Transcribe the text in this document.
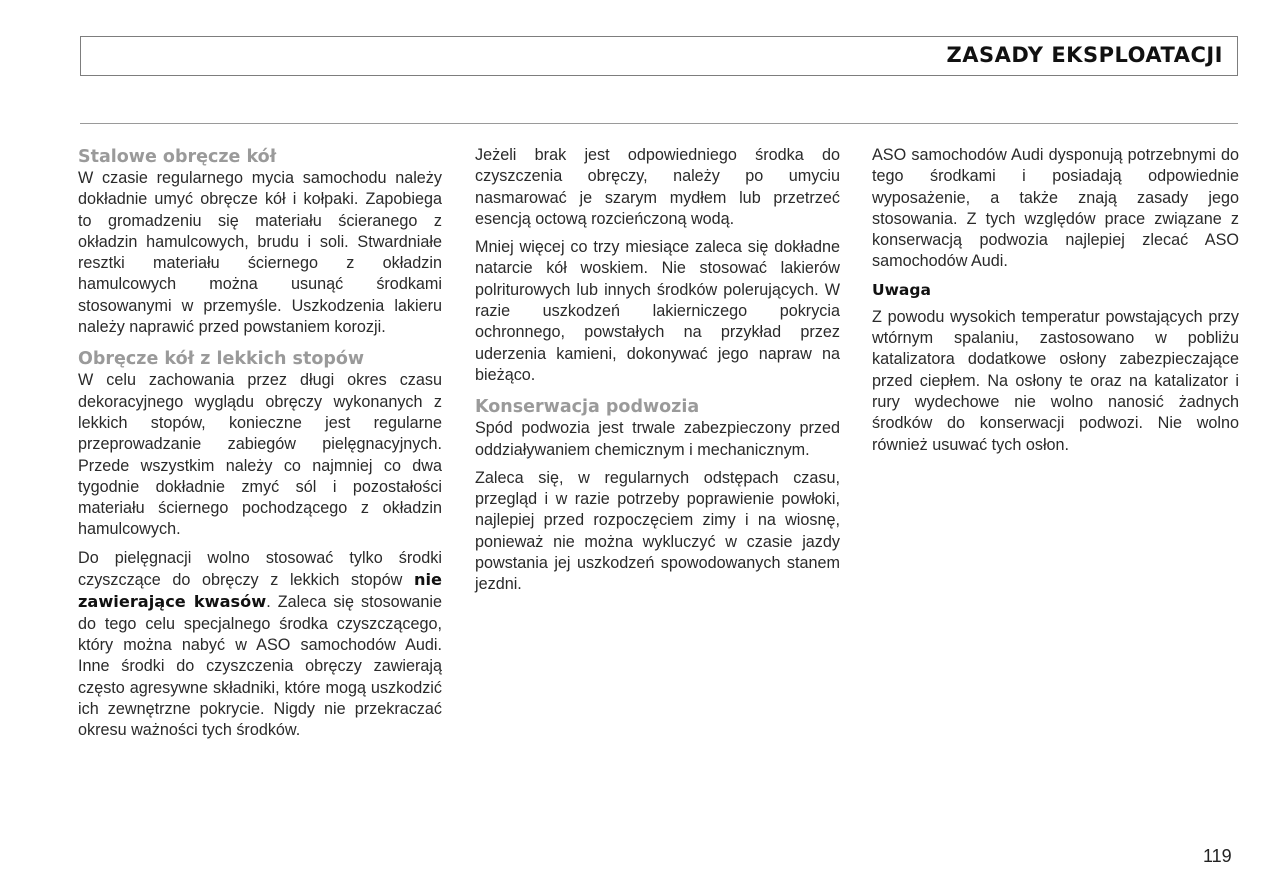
ZASADY EKSPLOATACJI
Stalowe obręcze kół

W czasie regularnego mycia samochodu należy dokładnie umyć obręcze kół i kołpaki. Zapobiega to gromadzeniu się materiału ścieranego z okładzin hamulcowych, brudu i soli. Stwardniałe resztki materiału ściernego z okładzin hamulcowych można usunąć środkami stosowanymi w przemyśle. Uszkodzenia lakieru należy naprawić przed powstaniem korozji.

Obręcze kół z lekkich stopów

W celu zachowania przez długi okres czasu dekoracyjnego wyglądu obręczy wykonanych z lekkich stopów, konieczne jest regularne przeprowadzanie zabiegów pielęgnacyjnych. Przede wszystkim należy co najmniej co dwa tygodnie dokładnie zmyć sól i pozostałości materiału ściernego pochodzącego z okładzin hamulcowych.

Do pielęgnacji wolno stosować tylko środki czyszczące do obręczy z lekkich stopów nie zawierające kwasów. Zaleca się stosowanie do tego celu specjalnego środka czyszczącego, który można nabyć w ASO samochodów Audi. Inne środki do czyszczenia obręczy zawierają często agresywne składniki, które mogą uszkodzić ich zewnętrzne pokrycie. Nigdy nie przekraczać okresu ważności tych środków.

Jeżeli brak jest odpowiedniego środka do czyszczenia obręczy, należy po umyciu nasmarować je szarym mydłem lub przetrzeć esencją octową rozcieńczoną wodą.

Mniej więcej co trzy miesiące zaleca się dokładne natarcie kół woskiem. Nie stosować lakierów polriturowych lub innych środków polerujących. W razie uszkodzeń lakierniczego pokrycia ochronnego, powstałych na przykład przez uderzenia kamieni, dokonywać jego napraw na bieżąco.

Konserwacja podwozia

Spód podwozia jest trwale zabezpieczony przed oddziaływaniem chemicznym i mechanicznym.

Zaleca się, w regularnych odstępach czasu, przegląd i w razie potrzeby poprawienie powłoki, najlepiej przed rozpoczęciem zimy i na wiosnę, ponieważ nie można wykluczyć w czasie jazdy powstania jej uszkodzeń spowodowanych stanem jezdni.

ASO samochodów Audi dysponują potrzebnymi do tego środkami i posiadają odpowiednie wyposażenie, a także znają zasady jego stosowania. Z tych względów prace związane z konserwacją podwozia najlepiej zlecać ASO samochodów Audi.

Uwaga

Z powodu wysokich temperatur powstających przy wtórnym spalaniu, zastosowano w pobliżu katalizatora dodatkowe osłony zabezpieczające przed ciepłem. Na osłony te oraz na katalizator i rury wydechowe nie wolno nanosić żadnych środków do konserwacji podwozi. Nie wolno również usuwać tych osłon.

119
